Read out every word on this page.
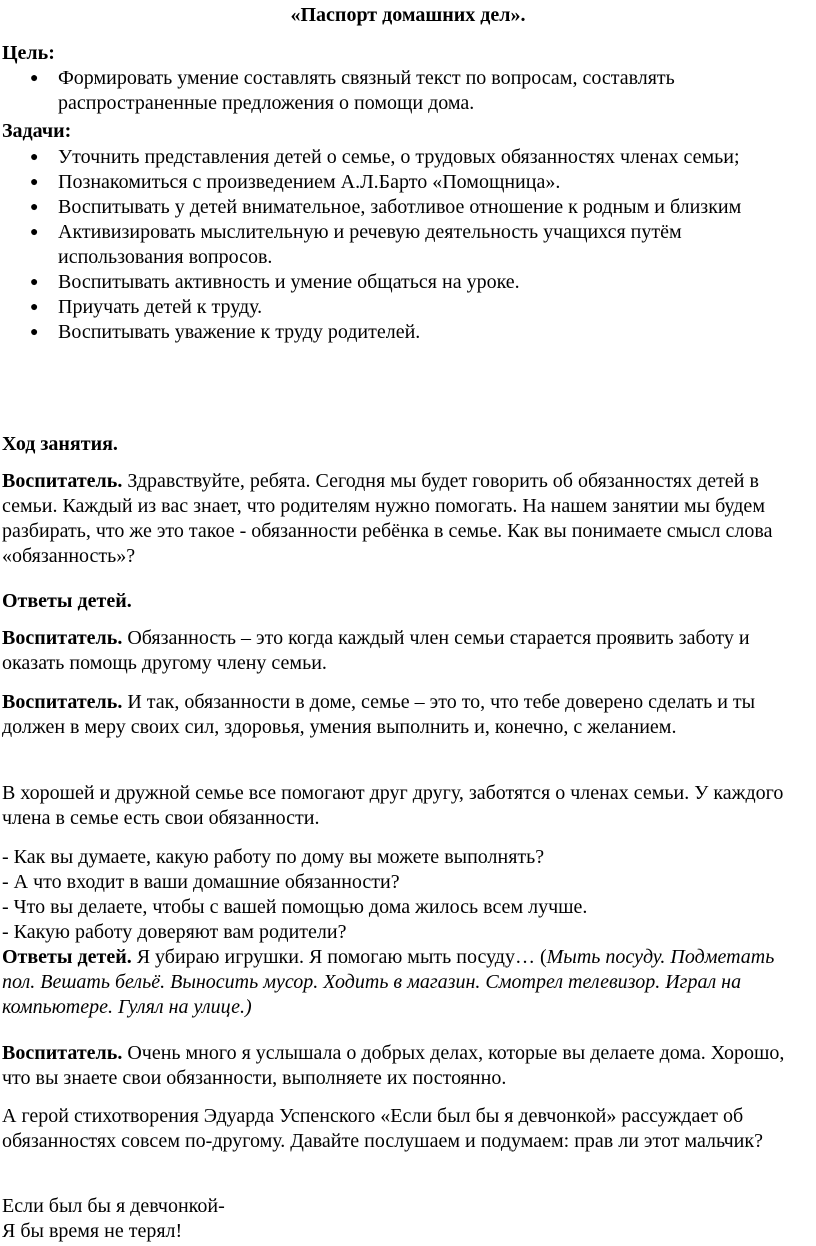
«Паспорт домашних дел».
Цель:
● Формировать умение составлять связный текст по вопросам, составлять распространенные предложения о помощи дома.
Задачи:
● Уточнить представления детей о семье, о трудовых обязанностях членах семьи;
● Познакомиться с произведением А.Л.Барто «Помощница».
● Воспитывать у детей внимательное, заботливое отношение к родным и близким
● Активизировать мыслительную и речевую деятельность учащихся путём использования вопросов.
● Воспитывать активность и умение общаться на уроке.
● Приучать детей к труду.
● Воспитывать уважение к труду родителей.
Ход занятия.

Воспитатель. Здравствуйте, ребята. Сегодня мы будет говорить об обязанностях детей в семьи. Каждый из вас знает, что родителям нужно помогать. На нашем занятии мы будем разбирать, что же это такое - обязанности ребёнка в семье. Как вы понимаете смысл слова «обязанность»?

Ответы детей.

Воспитатель. Обязанность – это когда каждый член семьи старается проявить заботу и оказать помощь другому члену семьи.

Воспитатель. И так, обязанности в доме, семье – это то, что тебе доверено сделать и ты должен в меру своих сил, здоровья, умения выполнить и, конечно, с желанием.

В хорошей и дружной семье все помогают друг другу, заботятся о членах семьи. У каждого члена в семье есть свои обязанности.

- Как вы думаете, какую работу по дому вы можете выполнять?
- А что входит в ваши домашние обязанности?
- Что вы делаете, чтобы с вашей помощью дома жилось всем лучше.
- Какую работу доверяют вам родители?
Ответы детей. Я убираю игрушки. Я помогаю мыть посуду… (Мыть посуду. Подметать пол. Вешать бельё. Выносить мусор. Ходить в магазин. Смотрел телевизор. Играл на компьютере. Гулял на улице.)

Воспитатель. Очень много я услышала о добрых делах, которые вы делаете дома. Хорошо, что вы знаете свои обязанности, выполняете их постоянно.

А герой стихотворения Эдуарда Успенского «Если был бы я девчонкой» рассуждает об обязанностях совсем по-другому. Давайте послушаем и подумаем: прав ли этот мальчик?

Если был бы я девчонкой-
Я бы время не терял!
